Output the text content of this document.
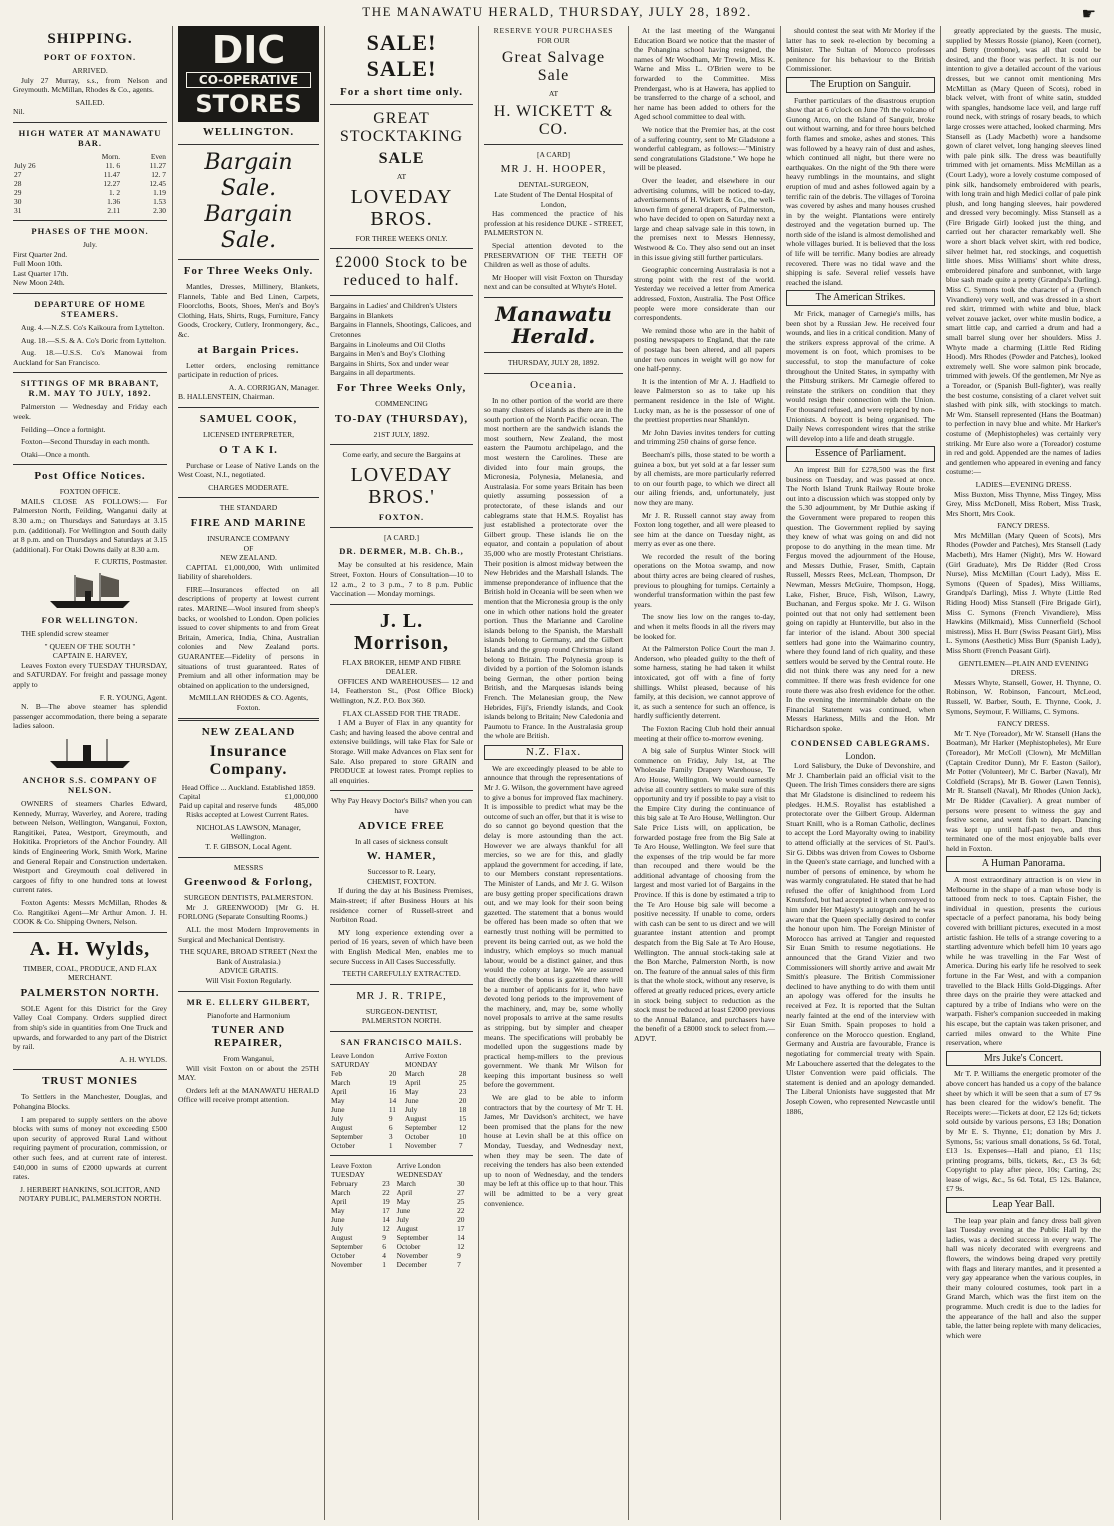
THE MANAWATU HERALD, THURSDAY, JULY 28, 1892.	☛
SHIPPING.
PORT OF FOXTON.
ARRIVED.

July 27 Murray, s.s., from Nelson and Greymouth. McMillan, Rhodes & Co., agents.

SAILED.
Nil.
HIGH WATER AT MANAWATU BAR.
	Morn.	Even
July 26	11. 6	11.27
27	11.47	12. 7
28	12.27	12.45
29	1. 2	1.19
30	1.36	1.53
31	2.11	2.30
PHASES OF THE MOON.
July.
First Quarter 2nd.
Full Moon 10th.
Last Quarter 17th.
New Moon 24th.
DEPARTURE OF HOME STEAMERS.

Aug. 4.—N.Z.S. Co's Kaikoura from Lyttelton.

Aug. 18.—S.S. & A. Co's Doric from Lyttelton.

Aug. 18.—U.S.S. Co's Manowai from Auckland for San Francisco.

SITTINGS OF MR BRABANT, R.M. MAY TO JULY, 1892.

Palmerston — Wednesday and Friday each week.

Feilding—Once a fortnight.

Foxton—Second Thursday in each month.

Otaki—Once a month.

Post Office Notices.
FOXTON OFFICE.

MAILS CLOSE AS FOLLOWS:— For Palmerston North, Feilding, Wanganui daily at 8.30 a.m.; on Thursdays and Saturdays at 3.15 p.m. (additional). For Wellington and South daily at 8 p.m. and on Thursdays and Saturdays at 3.15 (additional). For Otaki Downs daily at 8.30 a.m.

F. CURTIS, Postmaster.
FOR WELLINGTON.

THE splendid screw steamer

" QUEEN OF THE SOUTH "
CAPTAIN E. HARVEY,

Leaves Foxton every TUESDAY THURSDAY, and SATURDAY. For freight and passage money apply to

F. R. YOUNG, Agent.

N. B—The above steamer has splendid passenger accommodation, there being a separate ladies saloon.

ANCHOR S.S. COMPANY OF NELSON.

OWNERS of steamers Charles Edward, Kennedy, Murray, Waverley, and Aorere, trading between Nelson, Wellington, Wanganui, Foxton, Rangitikei, Patea, Westport, Greymouth, and Hokitika. Proprietors of the Anchor Foundry. All kinds of Engineering Work, Smith Work, Marine and General Repair and Construction undertaken. Westport and Greymouth coal delivered in cargoes of fifty to one hundred tons at lowest current rates.

Foxton Agents: Messrs McMillan, Rhodes & Co. Rangitikei Agent—Mr Arthur Amon. J. H. COOK & Co. Shipping Owners, Nelson.

A. H. Wylds,
TIMBER, COAL, PRODUCE, AND FLAX MERCHANT.
PALMERSTON NORTH.

SOLE Agent for this District for the Grey Valley Coal Company. Orders supplied direct from ship's side in quantities from One Truck and upwards, and forwarded to any part of the District by rail.

A. H. WYLDS.
TRUST MONIES

To Settlers in the Manchester, Douglas, and Pohangina Blocks.

I am prepared to supply settlers on the above blocks with sums of money not exceeding £500 upon security of approved Rural Land without requiring payment of procuration, commission, or other such fees, and at current rate of interest. £40,000 in sums of £2000 upwards at current rates.

J. HERBERT HANKINS, SOLICITOR, AND NOTARY PUBLIC, PALMERSTON NORTH.
DIC
CO-OPERATIVE
STORES
WELLINGTON.
Bargain Sale.
Bargain Sale.
For Three Weeks Only.

Mantles, Dresses, Millinery, Blankets, Flannels, Table and Bed Linen, Carpets, Floorcloths, Boots, Shoes, Men's and Boy's Clothing, Hats, Shirts, Rugs, Furniture, Fancy Goods, Crockery, Cutlery, Ironmongery, &c., &c.

at Bargain Prices.

Letter orders, enclosing remittance participate in reduction of prices.

A. A. CORRIGAN, Manager.
B. HALLENSTEIN, Chairman.
SAMUEL COOK,
LICENSED INTERPRETER,
O T A K I.

Purchase or Lease of Native Lands on the West Coast, N.I., negotiated.

CHARGES MODERATE.
THE STANDARD
FIRE AND MARINE
INSURANCE COMPANY
OF
NEW ZEALAND.

CAPITAL £1,000,000, With unlimited liability of shareholders.

FIRE—Insurances effected on all descriptions of property at lowest current rates. MARINE—Wool insured from sheep's backs, or woolshed to London. Open policies issued to cover shipments to and from Great Britain, America, India, China, Australian colonies and New Zealand ports. GUARANTEE—Fidelity of persons in situations of trust guaranteed. Rates of Premium and all other information may be obtained on application to the undersigned,

McMILLAN RHODES & CO. Agents, Foxton.
NEW ZEALAND
Insurance Company.
Head Office ... Auckland. Established 1859.
Capital	£1,000,000
Paid up capital and reserve funds	485,000

Risks accepted at Lowest Current Rates.

NICHOLAS LAWSON, Manager, Wellington.
T. F. GIBSON, Local Agent.
MESSRS
Greenwood & Forlong,
SURGEON DENTISTS, PALMERSTON.

Mr J. GREENWOOD) [Mr G. H. FORLONG (Separate Consulting Rooms.)

ALL the most Modern Improvements in Surgical and Mechanical Dentistry.

THE SQUARE, BROAD STREET (Next the Bank of Australasia.)
ADVICE GRATIS.
Will Visit Foxton Regularly.
MR E. ELLERY GILBERT,
Pianoforte and Harmonium
TUNER AND REPAIRER,
From Wanganui,

Will visit Foxton on or about the 25TH MAY.

Orders left at the MANAWATU HERALD Office will receive prompt attention.

SALE! SALE!
For a short time only.
GREAT STOCKTAKING
SALE
AT
LOVEDAY BROS.
FOR THREE WEEKS ONLY.
£2000 Stock to be reduced to half.
Bargains in Ladies' and Children's Ulsters
Bargains in Blankets
Bargains in Flannels, Shootings, Calicoes, and Cretonnes
Bargains in Linoleums and Oil Cloths
Bargains in Men's and Boy's Clothing
Bargains in Shirts, Sox and under wear
Bargains in all departments.
For Three Weeks Only,
COMMENCING
TO-DAY (THURSDAY),
21ST JULY, 1892.
Come early, and secure the Bargains at
LOVEDAY BROS.'
FOXTON.
[A CARD.]
DR. DERMER, M.B. Ch.B.,

May be consulted at his residence, Main Street, Foxton. Hours of Consultation—10 to 12 a.m., 2 to 3 p.m., 7 to 8 p.m. Public Vaccination — Monday mornings.

J. L. Morrison,
FLAX BROKER, HEMP AND FIBRE DEALER.

OFFICES AND WAREHOUSES— 12 and 14, Featherston St., (Post Office Block) Wellington, N.Z. P.O. Box 360.

FLAX CLASSED FOR THE TRADE.

I AM a Buyer of Flax in any quantity for Cash; and having leased the above central and extensive buildings, will take Flax for Sale or Storage. Will make Advances on Flax sent for Sale. Also prepared to store GRAIN and PRODUCE at lowest rates. Prompt replies to all enquiries.

Why Pay Heavy Doctor's Bills? when you can have
ADVICE FREE
In all cases of sickness consult
W. HAMER,
Successor to R. Leary,
CHEMIST, FOXTON.

If during the day at his Business Premises, Main-street; if after Business Hours at his residence corner of Russell-street and Norbiton Road.

MY long experience extending over a period of 16 years, seven of which have been with English Medical Men, enables me to secure Success in All Cases Successfully.

TEETH CAREFULLY EXTRACTED.
MR J. R. TRIPE,
SURGEON-DENTIST,
PALMERSTON NORTH.
SAN FRANCISCO MAILS.
Leave London SATURDAY		Arrive Foxton MONDAY	
Feb	20	March	28
March	19	April	25
April	16	May	23
May	14	June	20
June	11	July	18
July	9	August	15
August	6	September	12
September	3	October	10
October	1	November	7
Leave Foxton TUESDAY		Arrive London WEDNESDAY	
February	23	March	30
March	22	April	27
April	19	May	25
May	17	June	22
June	14	July	20
July	12	August	17
August	9	September	14
September	6	October	12
October	4	November	9
November	1	December	7
RESERVE YOUR PURCHASES
FOR OUR
Great Salvage Sale
AT
H. WICKETT & CO.
[A CARD]
MR J. H. HOOPER,
DENTAL-SURGEON,
Late Student of The Dental Hospital of London,

Has commenced the practice of his profession at his residence DUKE - STREET, PALMERSTON N.

Special attention devoted to the PRESERVATION OF THE TEETH OF Children as well as those of adults.

Mr Hooper will visit Foxton on Thursday next and can be consulted at Whyte's Hotel.

Manawatu Herald.
THURSDAY, JULY 28, 1892.
Oceania.

In no other portion of the world are there so many clusters of islands as there are in the south portion of the North Pacific ocean. The most northern are the sandwich islands the most southern, New Zealand, the most eastern the Paumotu archipelago, and the most western the Carolines. These are divided into four main groups, the Micronesia, Polynesia, Melanesia, and Australasia. For some years Britain has been quietly assuming possession of a protectorate, of these islands and our cablegrams state that H.M.S. Royalist has just established a protectorate over the Gilbert group. These islands lie on the equator, and contain a population of about 35,000 who are mostly Protestant Christians. Their position is almost midway between the New Hebrides and the Marshall Islands. The immense preponderance of influence that the British hold in Oceania will be seen when we mention that the Micronesia group is the only one in which other nations hold the greater portion. Thus the Marianne and Caroline islands belong to the Spanish, the Marshall islands belong to Germany, and the Gilbert Islands and the group round Christmas island belong to Britain. The Polynesia group is divided by a portion of the Solomon islands being German, the other portion being British, and the Marquesas islands being French. The Melanesian group, the New Hebrides, Fiji's, Friendly islands, and Cook islands belong to Britain; New Caledonia and Paumotu to France. In the Australasia group the whole are British.

N.Z. Flax.

We are exceedingly pleased to be able to announce that through the representations of Mr J. G. Wilson, the government have agreed to give a bonus for improved flax machinery. It is impossible to predict what may be the outcome of such an offer, but that it is wise to do so cannot go beyond question that the delay is more astounding than the act. However we are always thankful for all mercies, so we are for this, and gladly applaud the government for acceding, if late, to our Members constant representations. The Minister of Lands, and Mr J. G. Wilson are busy getting proper specifications drawn out, and we may look for their soon being gazetted. The statement that a bonus would be offered has been made so often that we earnestly trust nothing will be permitted to prevent its being carried out, as we hold the industry, which employs so much manual labour, would be a distinct gainer, and thus would the colony at large. We are assured that directly the bonus is gazetted there will be a number of applicants for it, who have devoted long periods to the improvement of the machinery, and, may be, some wholly novel proposals to arrive at the same results as stripping, but by simpler and cheaper means. The specifications will probably be modelled upon the suggestions made by practical hemp-millers to the previous government. We thank Mr Wilson for keeping this important business so well before the government.

We are glad to be able to inform contractors that by the courtesy of Mr T. H. James, Mr Davidson's architect, we have been promised that the plans for the new house at Levin shall be at this office on Monday, Tuesday, and Wednesday next, when they may be seen. The date of receiving the tenders has also been extended up to noon of Wednesday, and the tenders may be left at this office up to that hour. This will be admitted to be a very great convenience.

At the last meeting of the Wanganui Education Board we notice that the master of the Pohangina school having resigned, the names of Mr Woodham, Mr Trewin, Miss K. Warne and Miss L. O'Brien were to be forwarded to the Committee. Miss Prendergast, who is at Hawera, has applied to be transferred to the charge of a school, and her name has been added to others for the Aged school committee to deal with.

We notice that the Premier has, at the cost of a suffering country, sent to Mr Gladstone a wonderful cablegram, as follows:—"Ministry send congratulations Gladstone." We hope he will be pleased.

Over the leader, and elsewhere in our advertising columns, will be noticed to-day, advertisements of H. Wickett & Co., the well-known firm of general drapers, of Palmerston, who have decided to open on Saturday next a large and cheap salvage sale in this town, in the premises next to Messrs Hennessy, Westwood & Co. They also send out an inset in this issue giving still further particulars.

Geographic concerning Australasia is not a strong point with the rest of the world. Yesterday we received a letter from America addressed, Foxton, Australia. The Post Office people were more considerate than our correspondents.

We remind those who are in the habit of posting newspapers to England, that the rate of postage has been altered, and all papers under two ounces in weight will go now for one half-penny.

It is the intention of Mr A. J. Hadfield to leave Palmerston so as to take up his permanent residence in the Isle of Wight. Lucky man, as he is the possessor of one of the prettiest properties near Shanklyn.

Mr John Davies invites tenders for cutting and trimming 250 chains of gorse fence.

Beecham's pills, those stated to be worth a guinea a box, but yet sold at a far lesser sum by all chemists, are more particularly referred to on our fourth page, to which we direct all our ailing friends, and, unfortunately, just now they are many.

Mr J. R. Russell cannot stay away from Foxton long together, and all were pleased to see him at the dance on Tuesday night, as merry as ever as one there.

We recorded the result of the boring operations on the Motoa swamp, and now about thirty acres are being cleared of rushes, previous to ploughing for turnips. Certainly a wonderful transformation within the past few years.

The snow lies low on the ranges to-day, and when it melts floods in all the rivers may be looked for.

At the Palmerston Police Court the man J. Anderson, who pleaded guilty to the theft of some harness, stating he had taken it whilst intoxicated, got off with a fine of forty shillings. Whilst pleased, because of his family, at this decision, we cannot approve of it, as such a sentence for such an offence, is hardly sufficiently deterrent.

The Foxton Racing Club hold their annual meeting at their office to-morrow evening.

A big sale of Surplus Winter Stock will commence on Friday, July 1st, at The Wholesale Family Drapery Warehouse, Te Aro House, Wellington. We would earnestly advise all country settlers to make sure of this opportunity and try if possible to pay a visit to the Empire City during the continuance of this big sale at Te Aro House, Wellington. Our Sale Price Lists will, on application, be forwarded postage free from the Big Sale at Te Aro House, Wellington. We feel sure that the expenses of the trip would be far more than recouped and there would be the additional advantage of choosing from the largest and most varied lot of Bargains in the Province. If this is done by estimated a trip to the Te Aro House big sale will become a positive necessity. If unable to come, orders with cash can be sent to us direct and we will guarantee instant attention and prompt despatch from the Big Sale at Te Aro House, Wellington. The annual stock-taking sale at the Bon Marche, Palmerston North, is now on. The feature of the annual sales of this firm is that the whole stock, without any reserve, is offered at greatly reduced prices, every article in stock being subject to reduction as the stock must be reduced at least £2000 previous to the Annual Balance, and purchasers have the benefit of a £8000 stock to select from.—ADVT.

should contest the seat with Mr Morley if the latter has to seek re-election by becoming a Minister. The Sultan of Morocco professes penitence for his behaviour to the British Commissioner.

The Eruption on Sanguir.

Further particulars of the disastrous eruption show that at 6 o'clock on June 7th the volcano of Gunong Arco, on the Island of Sanguir, broke out without warning, and for three hours belched forth flames and smoke, ashes and stones. This was followed by a heavy rain of dust and ashes, which continued all night, but there were no earthquakes. On the night of the 9th there were heavy rumblings in the mountains, and slight eruption of mud and ashes followed again by a terrific rain of the debris. The villages of Toroina was covered by ashes and many houses crushed in by the weight. Plantations were entirely destroyed and the vegetation burned up. The north side of the island is almost demolished and whole villages buried. It is believed that the loss of life will be terrific. Many bodies are already recovered. There was no tidal wave and the shipping is safe. Several relief vessels have reached the island.

The American Strikes.

Mr Frick, manager of Carnegie's mills, has been shot by a Russian Jew. He received four wounds, and lies in a critical condition. Many of the strikers express approval of the crime. A movement is on foot, which promises to be successful, to stop the manufacture of coke throughout the United States, in sympathy with the Pittsburg strikers. Mr Carnegie offered to reinstate the strikers on condition that they would resign their connection with the Union. For thousand refused, and were replaced by non-Unionists. A boycott is being organised. The Daily News correspondent wires that the strike will develop into a life and death struggle.

Essence of Parliament.

An imprest Bill for £278,500 was the first business on Tuesday, and was passed at once. The North Island Trunk Railway Route broke out into a discussion which was stopped only by the 5.30 adjournment, by Mr Duthie asking if the Government were prepared to reopen this question. The Government replied by saying they knew of what was going on and did not propose to do anything in the mean time. Mr Fergus moved the adjournment of the House, and Messrs Duthie, Fraser, Smith, Captain Russell, Messrs Rees, McLean, Thompson, Dr Newman, Messrs McGuire, Thompson, Hogg, Lake, Fisher, Bruce, Fish, Wilson, Lawry, Buchanan, and Fergus spoke. Mr J. G. Wilson pointed out that not only had settlement been going on rapidly at Hunterville, but also in the far interior of the island. About 300 special settlers had gone into the Waimarino country, where they found land of rich quality, and these settlers would be served by the Central route. He did not think there was any need for a new committee. If there was fresh evidence for one route there was also fresh evidence for the other. In the evening the interminable debate on the Financial Statement was continued, when Messrs Harkness, Mills and the Hon. Mr Richardson spoke.

CONDENSED CABLEGRAMS.
London.

Lord Salisbury, the Duke of Devonshire, and Mr J. Chamberlain paid an official visit to the Queen. The Irish Times considers there are signs that Mr Gladstone is disinclined to redeem his pledges. H.M.S. Royalist has established a protectorate over the Gilbert Group. Alderman Stuart Knill, who is a Roman Catholic, declines to accept the Lord Mayoralty owing to inability to attend officially at the services of St. Paul's. Sir G. Dibbs was driven from Cowes to Osborne in the Queen's state carriage, and lunched with a number of persons of eminence, by whom he was warmly congratulated. He stated that he had refused the offer of knighthood from Lord Knutsford, but had accepted it when conveyed to him under Her Majesty's autograph and he was aware that the Queen specially desired to confer the honour upon him. The Foreign Minister of Morocco has arrived at Tangier and requested Sir Euan Smith to resume negotiations. He announced that the Grand Vizier and two Commissioners will shortly arrive and await Mr Smith's pleasure. The British Commissioner declined to have anything to do with them until an apology was offered for the insults he received at Fez. It is reported that the Sultan nearly fainted at the end of the interview with Sir Euan Smith. Spain proposes to hold a conference on the Morocco question. England, Germany and Austria are favourable, France is negotiating for commercial treaty with Spain. Mr Labouchere asserted that the delegates to the Ulster Convention were paid officials. The statement is denied and an apology demanded. The Liberal Unionists have suggested that Mr Joseph Cowen, who represented Newcastle until 1886,

greatly appreciated by the guests. The music, supplied by Messrs Rossie (piano), Keen (cornet), and Betty (trombone), was all that could be desired, and the floor was perfect. It is not our intention to give a detailed account of the various dresses, but we cannot omit mentioning Mrs McMillan as (Mary Queen of Scots), robed in black velvet, with front of white satin, studded with spangles, handsome lace veil, and large ruff round neck, with strings of rosary beads, to which large crosses were attached, looked charming. Mrs Stansell as (Lady Macbeth) wore a handsome gown of claret velvet, long hanging sleeves lined with pale pink silk. The dress was beautifully trimmed with jet ornaments. Miss McMillan as a (Court Lady), wore a lovely costume composed of pink silk, handsomely embroidered with pearls, with long train and high Medici collar of pale pink plush, and long hanging sleeves, hair powdered and dressed very becomingly. Miss Stansell as a (Fire Brigade Girl) looked just the thing, and carried out her character remarkably well. She wore a short black velvet skirt, with red bodice, silver helmet hat, red stockings, and coquettish little shoes. Miss Williams' short white dress, embroidered pinafore and sunbonnet, with large blue sash made quite a pretty (Grandpa's Darling). Miss C. Symons took the character of a (French Vivandiere) very well, and was dressed in a short red skirt, trimmed with white and blue, black velvet zouave jacket, over white muslin bodice, a smart little cap, and carried a drum and had a small barrel slung over her shoulders. Miss J. Whyte made a charming (Little Red Riding Hood). Mrs Rhodes (Powder and Patches), looked extremely well. She wore salmon pink brocade, trimmed with jewels. Of the gentlemen, Mr Nye as a Toreador, or (Spanish Bull-fighter), was really the best costume, consisting of a claret velvet suit slashed with pink silk, with stockings to match. Mr Wm. Stansell represented (Hans the Boatman) to perfection in navy blue and white. Mr Harker's costume of (Mephistopheles) was certainly very striking. Mr Eure also wore a (Toreador) costume in red and gold. Appended are the names of ladies and gentlemen who appeared in evening and fancy costume:—

LADIES—EVENING DRESS.

Miss Buxton, Miss Thynne, Miss Tingey, Miss Grey, Miss McDonell, Miss Robert, Miss Trask, Mrs Shortt, Mrs Cook.

FANCY DRESS.

Mrs McMillan (Mary Queen of Scots), Mrs Rhodes (Powder and Patches), Mrs Stansell (Lady Macbeth), Mrs Hamer (Night), Mrs W. Howard (Girl Graduate), Mrs De Ridder (Red Cross Nurse), Miss McMillan (Court Lady), Miss E. Symons (Queen of Spades), Miss Williams, Grandpa's Darling), Miss J. Whyte (Little Red Riding Hood) Miss Stansell (Fire Brigade Girl), Miss C. Symons (French Vivandiere), Miss Hawkins (Milkmaid), Miss Cunnerfield (School mistress), Miss H. Burr (Swiss Peasant Girl), Miss L. Symons (Aesthetic) Miss Burr (Spanish Lady), Miss Shortt (French Peasant Girl).

GENTLEMEN—PLAIN AND EVENING DRESS.

Messrs Whyte, Stansell, Gower, H. Thynne, O. Robinson, W. Robinson, Fancourt, McLeod, Russell, W. Barber, South, E. Thynne, Cook, J. Symons, Seymour, F. Williams, C. Symons.

FANCY DRESS.

Mr T. Nye (Toreador), Mr W. Stansell (Hans the Boatman), Mr Harker (Mephistopheles), Mr Eure (Toreador), Mr McColl (Clown), Mr McMillan (Captain Creditor Dunn), Mr F. Easton (Sailor), Mr Potter (Volunteer), Mr C. Barber (Naval), Mr Coldfield (Scraps), Mr B. Gower (Lawn Tennis), Mr R. Stansell (Naval), Mr Rhodes (Union Jack), Mr De Ridder (Cavalier). A great number of persons were present to witness the gay and festive scene, and went fish to depart. Dancing was kept up until half-past two, and thus terminated one of the most enjoyable balls ever held in Foxton.

A Human Panorama.

A most extraordinary attraction is on view in Melbourne in the shape of a man whose body is tattooed from neck to toes. Captain Fisher, the individual in question, presents the curious spectacle of a perfect panorama, his body being covered with brilliant pictures, executed in a most artistic fashion. He tells of a strange covering to a startling adventure which befell him 10 years ago while he was travelling in the Far West of America. During his early life he resolved to seek fortune in the Far West, and with a companion travelled to the Black Hills Gold-Diggings. After three days on the prairie they were attacked and captured by a tribe of Indians who were on the warpath. Fisher's companion succeeded in making his escape, but the captain was taken prisoner, and carried miles onward to the White Pine reservation, where

Mrs Juke's Concert.

Mr T. P. Williams the energetic promoter of the above concert has handed us a copy of the balance sheet by which it will be seen that a sum of £7 9s has been cleared for the widow's benefit. The Receipts were:—Tickets at door, £2 12s 6d; tickets sold outside by various persons, £3 18s; Donation by Mr E. S. Thynne, £1; donation by Mrs J. Symons, 5s; various small donations, 5s 6d. Total, £13 1s. Expenses—Hall and piano, £1 11s; printing programs, bills, tickets, &c., £3 3s 6d; Copyright to play after piece, 10s; Carting, 2s; lease of wigs, &c., 5s 6d. Total, £5 12s. Balance, £7 9s.

Leap Year Ball.

The leap year plain and fancy dress ball given last Tuesday evening at the Public Hall by the ladies, was a decided success in every way. The hall was nicely decorated with evergreens and flowers, the windows being draped very prettily with flags and literary mantles, and it presented a very gay appearance when the various couples, in their many coloured costumes, took part in a Grand March, which was the first item on the programme. Much credit is due to the ladies for the appearance of the hall and also the supper table, the latter being replete with many delicacies, which were
